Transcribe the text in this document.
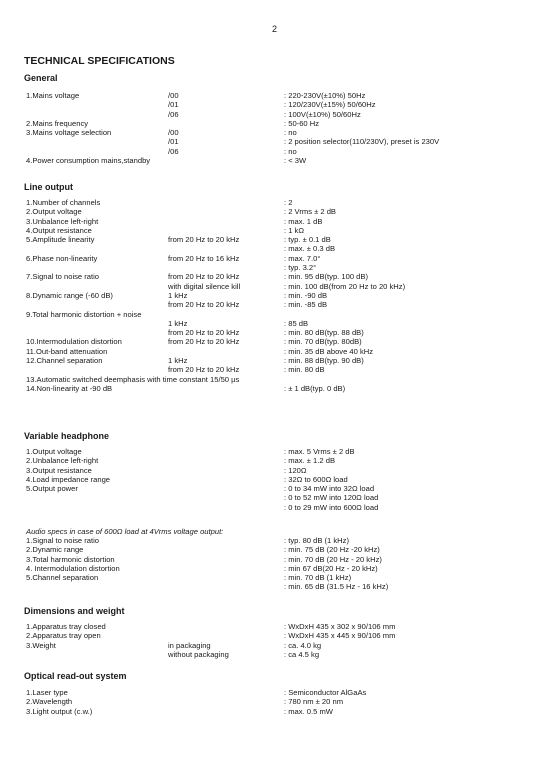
2
TECHNICAL SPECIFICATIONS
General
1.Mains voltage	/00	: 220-230V(±10%) 50Hz
/01	: 120/230V(±15%) 50/60Hz
/06	: 100V(±10%) 50/60Hz
2.Mains frequency	: 50-60 Hz
3.Mains voltage selection	/00	: no
/01	: 2 position selector(110/230V), preset is 230V
/06	: no
4.Power consumption mains,standby	: < 3W
Line output
1.Number of channels	: 2
2.Output voltage	: 2 Vrms ± 2 dB
3.Unbalance left-right	: max. 1 dB
4.Output resistance	: 1 kΩ
5.Amplitude linearity	from 20 Hz to 20 kHz	: typ. ± 0.1 dB
: max. ± 0.3 dB
6.Phase non-linearity	from 20 Hz to 16 kHz	: max. 7.0°
: typ. 3.2°
7.Signal to noise ratio	from 20 Hz to 20 kHz	: min. 95 dB(typ. 100 dB)
with digital silence kill	: min. 100 dB(from 20 Hz to 20 kHz)
8.Dynamic range (-60 dB)	1 kHz	: min. -90 dB
from 20 Hz to 20 kHz	: min. -85 dB
9.Total harmonic distortion + noise
1 kHz	: 85 dB
from 20 Hz to 20 kHz	: min. 80 dB(typ. 88 dB)
10.Intermodulation distortion	from 20 Hz to 20 kHz	: min. 70 dB(typ. 80dB)
11.Out-band attenuation	: min. 35 dB above 40 kHz
12.Channel separation	1 kHz	: min. 88 dB(typ. 90 dB)
from 20 Hz to 20 kHz	: min. 80 dB
13.Automatic switched deemphasis with time constant 15/50 µs
14.Non-linearity at -90 dB	: ± 1 dB(typ. 0 dB)
Variable headphone
1.Output voltage	: max. 5 Vrms ± 2 dB
2.Unbalance left-right	: max. ± 1.2 dB
3.Output resistance	: 120Ω
4.Load impedance range	: 32Ω to 600Ω load
5.Output power	: 0 to 34 mW into 32Ω load
: 0 to 52 mW into 120Ω load
: 0 to 29 mW into 600Ω load
Audio specs in case of 600Ω load at 4Vrms voltage output:
1.Signal to noise ratio	: typ. 80 dB (1 kHz)
2.Dynamic range	: min. 75 dB (20 Hz -20 kHz)
3.Total harmonic distortion	: min. 70 dB (20 Hz - 20 kHz)
4. Intermodulation distortion	: min 67 dB(20 Hz - 20 kHz)
5.Channel separation	: min. 70 dB (1 kHz)
: min. 65 dB (31.5 Hz - 16 kHz)
Dimensions and weight
1.Apparatus tray closed	: WxDxH 435 x 302 x 90/106 mm
2.Apparatus tray open	: WxDxH 435 x 445 x 90/106 mm
3.Weight	in packaging	: ca. 4.0 kg
without packaging	: ca 4.5 kg
Optical read-out system
1.Laser type	: Semiconductor AlGaAs
2.Wavelength	: 780 nm ± 20 nm
3.Light output (c.w.)	: max. 0.5 mW
